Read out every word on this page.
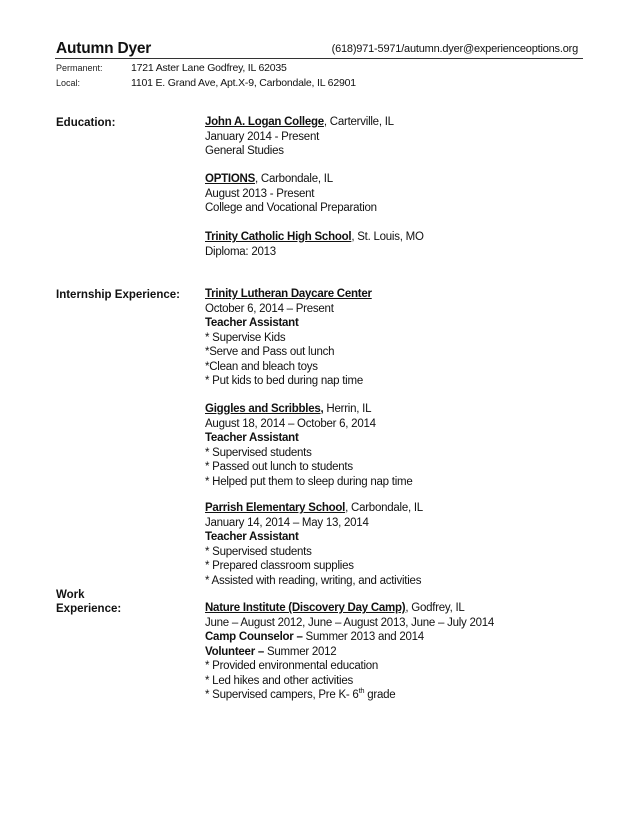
Autumn Dyer	(618)971-5971/autumn.dyer@experienceoptions.org
Permanent:	1721 Aster Lane Godfrey, IL 62035
Local:	1101 E. Grand Ave, Apt.X-9, Carbondale, IL 62901
Education:	John A. Logan College, Carterville, IL
January 2014 - Present
General Studies
OPTIONS, Carbondale, IL
August 2013 - Present
College and Vocational Preparation
Trinity Catholic High School, St. Louis, MO
Diploma: 2013
Internship Experience: Trinity Lutheran Daycare Center
October 6, 2014 – Present
Teacher Assistant
* Supervise Kids
*Serve and Pass out lunch
*Clean and bleach toys
* Put kids to bed during nap time
Giggles and Scribbles, Herrin, IL
August 18, 2014 – October 6, 2014
Teacher Assistant
* Supervised students
* Passed out lunch to students
* Helped put them to sleep during nap time
Parrish Elementary School, Carbondale, IL
January 14, 2014 – May 13, 2014
Teacher Assistant
* Supervised students
* Prepared classroom supplies
* Assisted with reading, writing, and activities
Work
Experience:	Nature Institute (Discovery Day Camp), Godfrey, IL
June – August 2012, June – August 2013, June – July 2014
Camp Counselor – Summer 2013 and 2014
Volunteer – Summer 2012
* Provided environmental education
* Led hikes and other activities
* Supervised campers, Pre K- 6th grade
